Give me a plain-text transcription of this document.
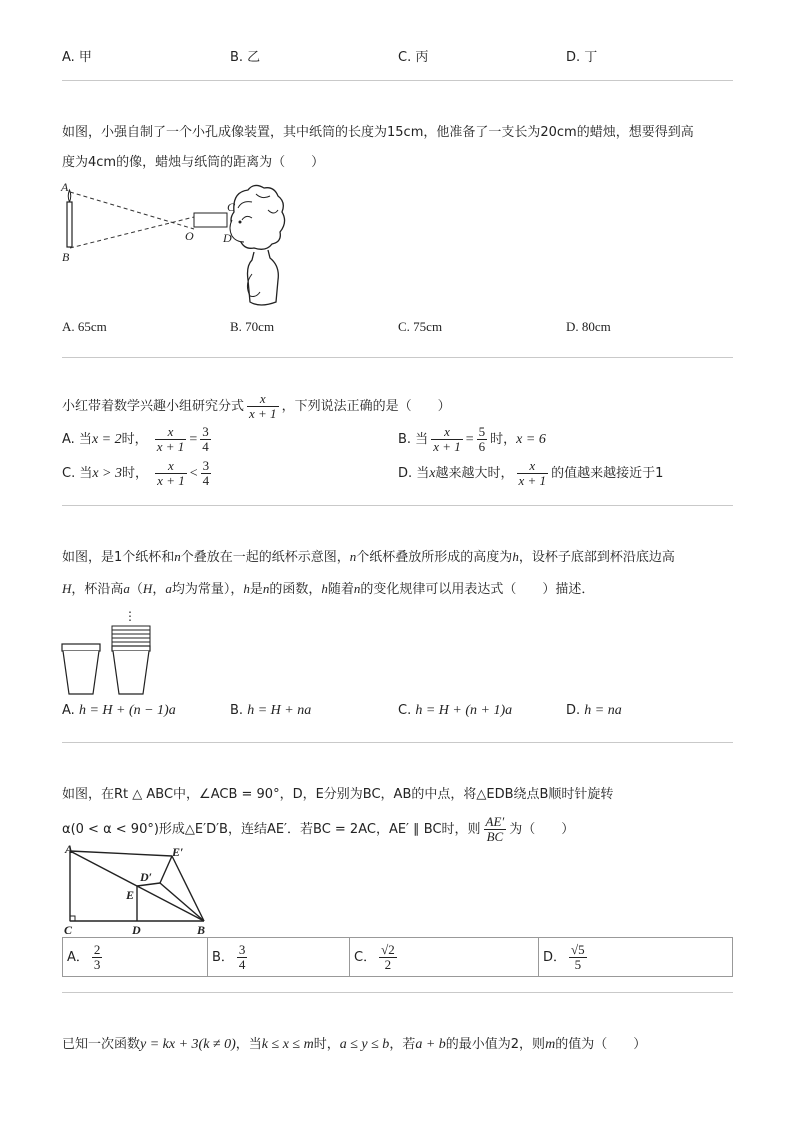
A. 甲	B. 乙	C. 丙	D. 丁
如图，小强自制了一个小孔成像装置，其中纸筒的长度为15cm，他准备了一支长为20cm的蜡烛，想要得到高
度为4cm的像，蜡烛与纸筒的距离为（　　）
A
B
C
D
O
A. 65cm	B. 70cm	C. 75cm	D. 80cm
小红带着数学兴趣小组研究分式 $\frac{x}{x + 1}$ ，下列说法正确的是（　　）
A. 当x = 2时， $\frac{x}{x + 1} = \frac{3}{4}$	B. 当 $\frac{x}{x + 1} = \frac{5}{6}$ 时，x = 6
C. 当x > 3时， $\frac{x}{x + 1} < \frac{3}{4}$	D. 当x越来越大时， $\frac{x}{x + 1}$ 的值越来越接近于1
如图，是1个纸杯和n个叠放在一起的纸杯示意图，n个纸杯叠放所形成的高度为h，设杯子底部到杯沿底边高
H，杯沿高a（H，a均为常量），h是n的函数，h随着n的变化规律可以用表达式（　　）描述．
⋮
A. h = H + (n − 1)a	B. h = H + na	C. h = H + (n + 1)a	D. h = na
如图，在Rt △ ABC中，∠ACB = 90°，D，E分别为BC，AB的中点，将△EDB绕点B顺时针旋转
α(0 < α < 90°)形成△E′D′B，连结AE′．若BC = 2AC，AE′ ∥ BC时，则 $\frac{AE'}{BC}$ 为（　　）
A	E′
D′
E
C	D	B
A． $\frac{2}{3}$	B． $\frac{3}{4}$	C． $\frac{√2}{2}$	D． $\frac{√5}{5}$
已知一次函数y = kx + 3(k ≠ 0)，当k ≤ x ≤ m时，a ≤ y ≤ b，若a + b的最小值为2，则m的值为（　　）
